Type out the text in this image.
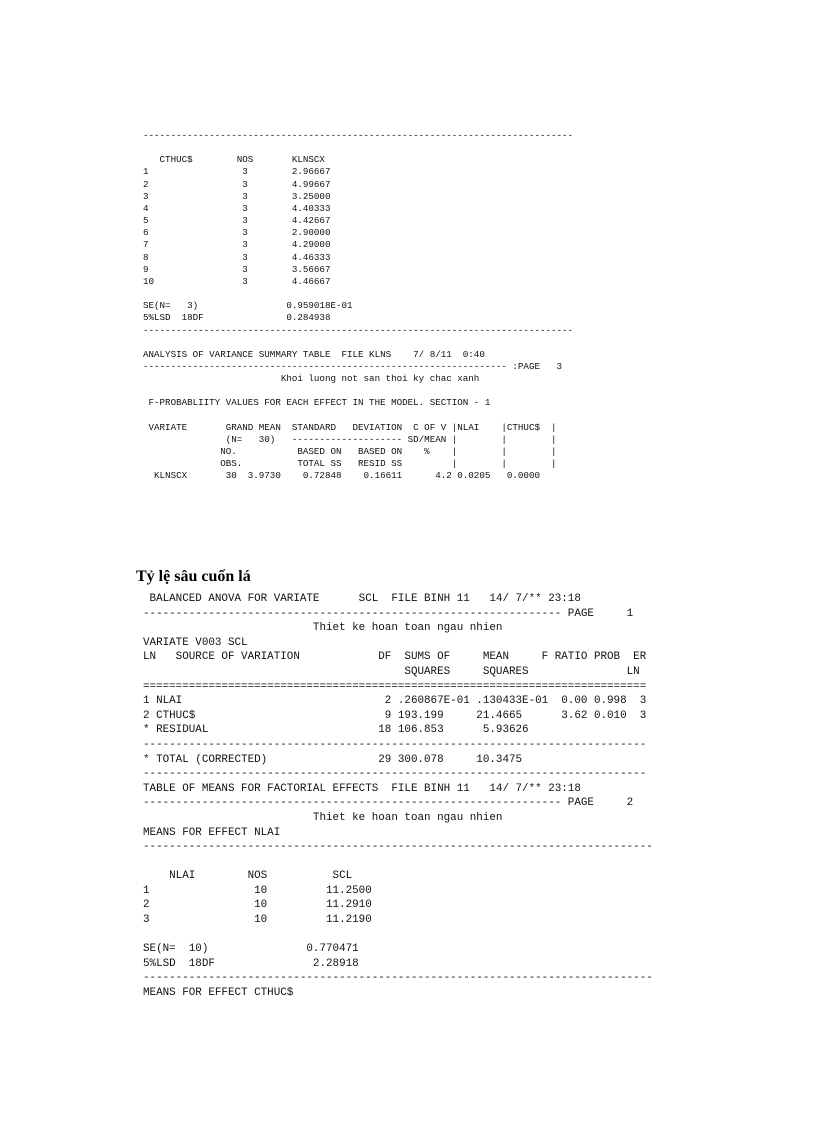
------------------------------------------------------------------------------

CTHUC$        NOS       KLNSCX
1                 3        2.96667
2                 3        4.99667
3                 3        3.25000
4                 3        4.40333
5                 3        4.42667
6                 3        2.90000
7                 3        4.29000
8                 3        4.46333
9                 3        3.56667
10                3        4.46667

SE(N=   3)                0.959018E-01
5%LSD  18DF               0.284938
------------------------------------------------------------------------------

ANALYSIS OF VARIANCE SUMMARY TABLE  FILE KLNS    7/ 8/11  0:40
------------------------------------------------------------------ :PAGE   3
Khoi luong not san thoi ky chac xanh

F-PROBABLIITY VALUES FOR EACH EFFECT IN THE MODEL. SECTION - 1

VARIATE       GRAND MEAN  STANDARD   DEVIATION  C OF V |NLAI    |CTHUC$  |
(N=   30)   -------------------- SD/MEAN |        |        |
NO.           BASED ON   BASED ON    %    |        |        |
OBS.          TOTAL SS   RESID SS         |        |        |
KLNSCX       30  3.9730    0.72848    0.16611      4.2 0.0205   0.0000

Tỷ lệ sâu cuốn lá
BALANCED ANOVA FOR VARIATE      SCL  FILE BINH 11   14/ 7/** 23:18
---------------------------------------------------------------- PAGE     1
Thiet ke hoan toan ngau nhien
VARIATE V003 SCL
LN   SOURCE OF VARIATION            DF  SUMS OF     MEAN     F RATIO PROB  ER
SQUARES     SQUARES               LN
=============================================================================
1 NLAI                               2 .260867E-01 .130433E-01  0.00 0.998  3
2 CTHUC$                             9 193.199     21.4665      3.62 0.010  3
* RESIDUAL                          18 106.853      5.93626
-----------------------------------------------------------------------------
* TOTAL (CORRECTED)                 29 300.078     10.3475
-----------------------------------------------------------------------------
TABLE OF MEANS FOR FACTORIAL EFFECTS  FILE BINH 11   14/ 7/** 23:18
---------------------------------------------------------------- PAGE     2
Thiet ke hoan toan ngau nhien
MEANS FOR EFFECT NLAI
------------------------------------------------------------------------------

NLAI        NOS          SCL
1                10         11.2500
2                10         11.2910
3                10         11.2190

SE(N=  10)               0.770471
5%LSD  18DF               2.28918
------------------------------------------------------------------------------
MEANS FOR EFFECT CTHUC$
